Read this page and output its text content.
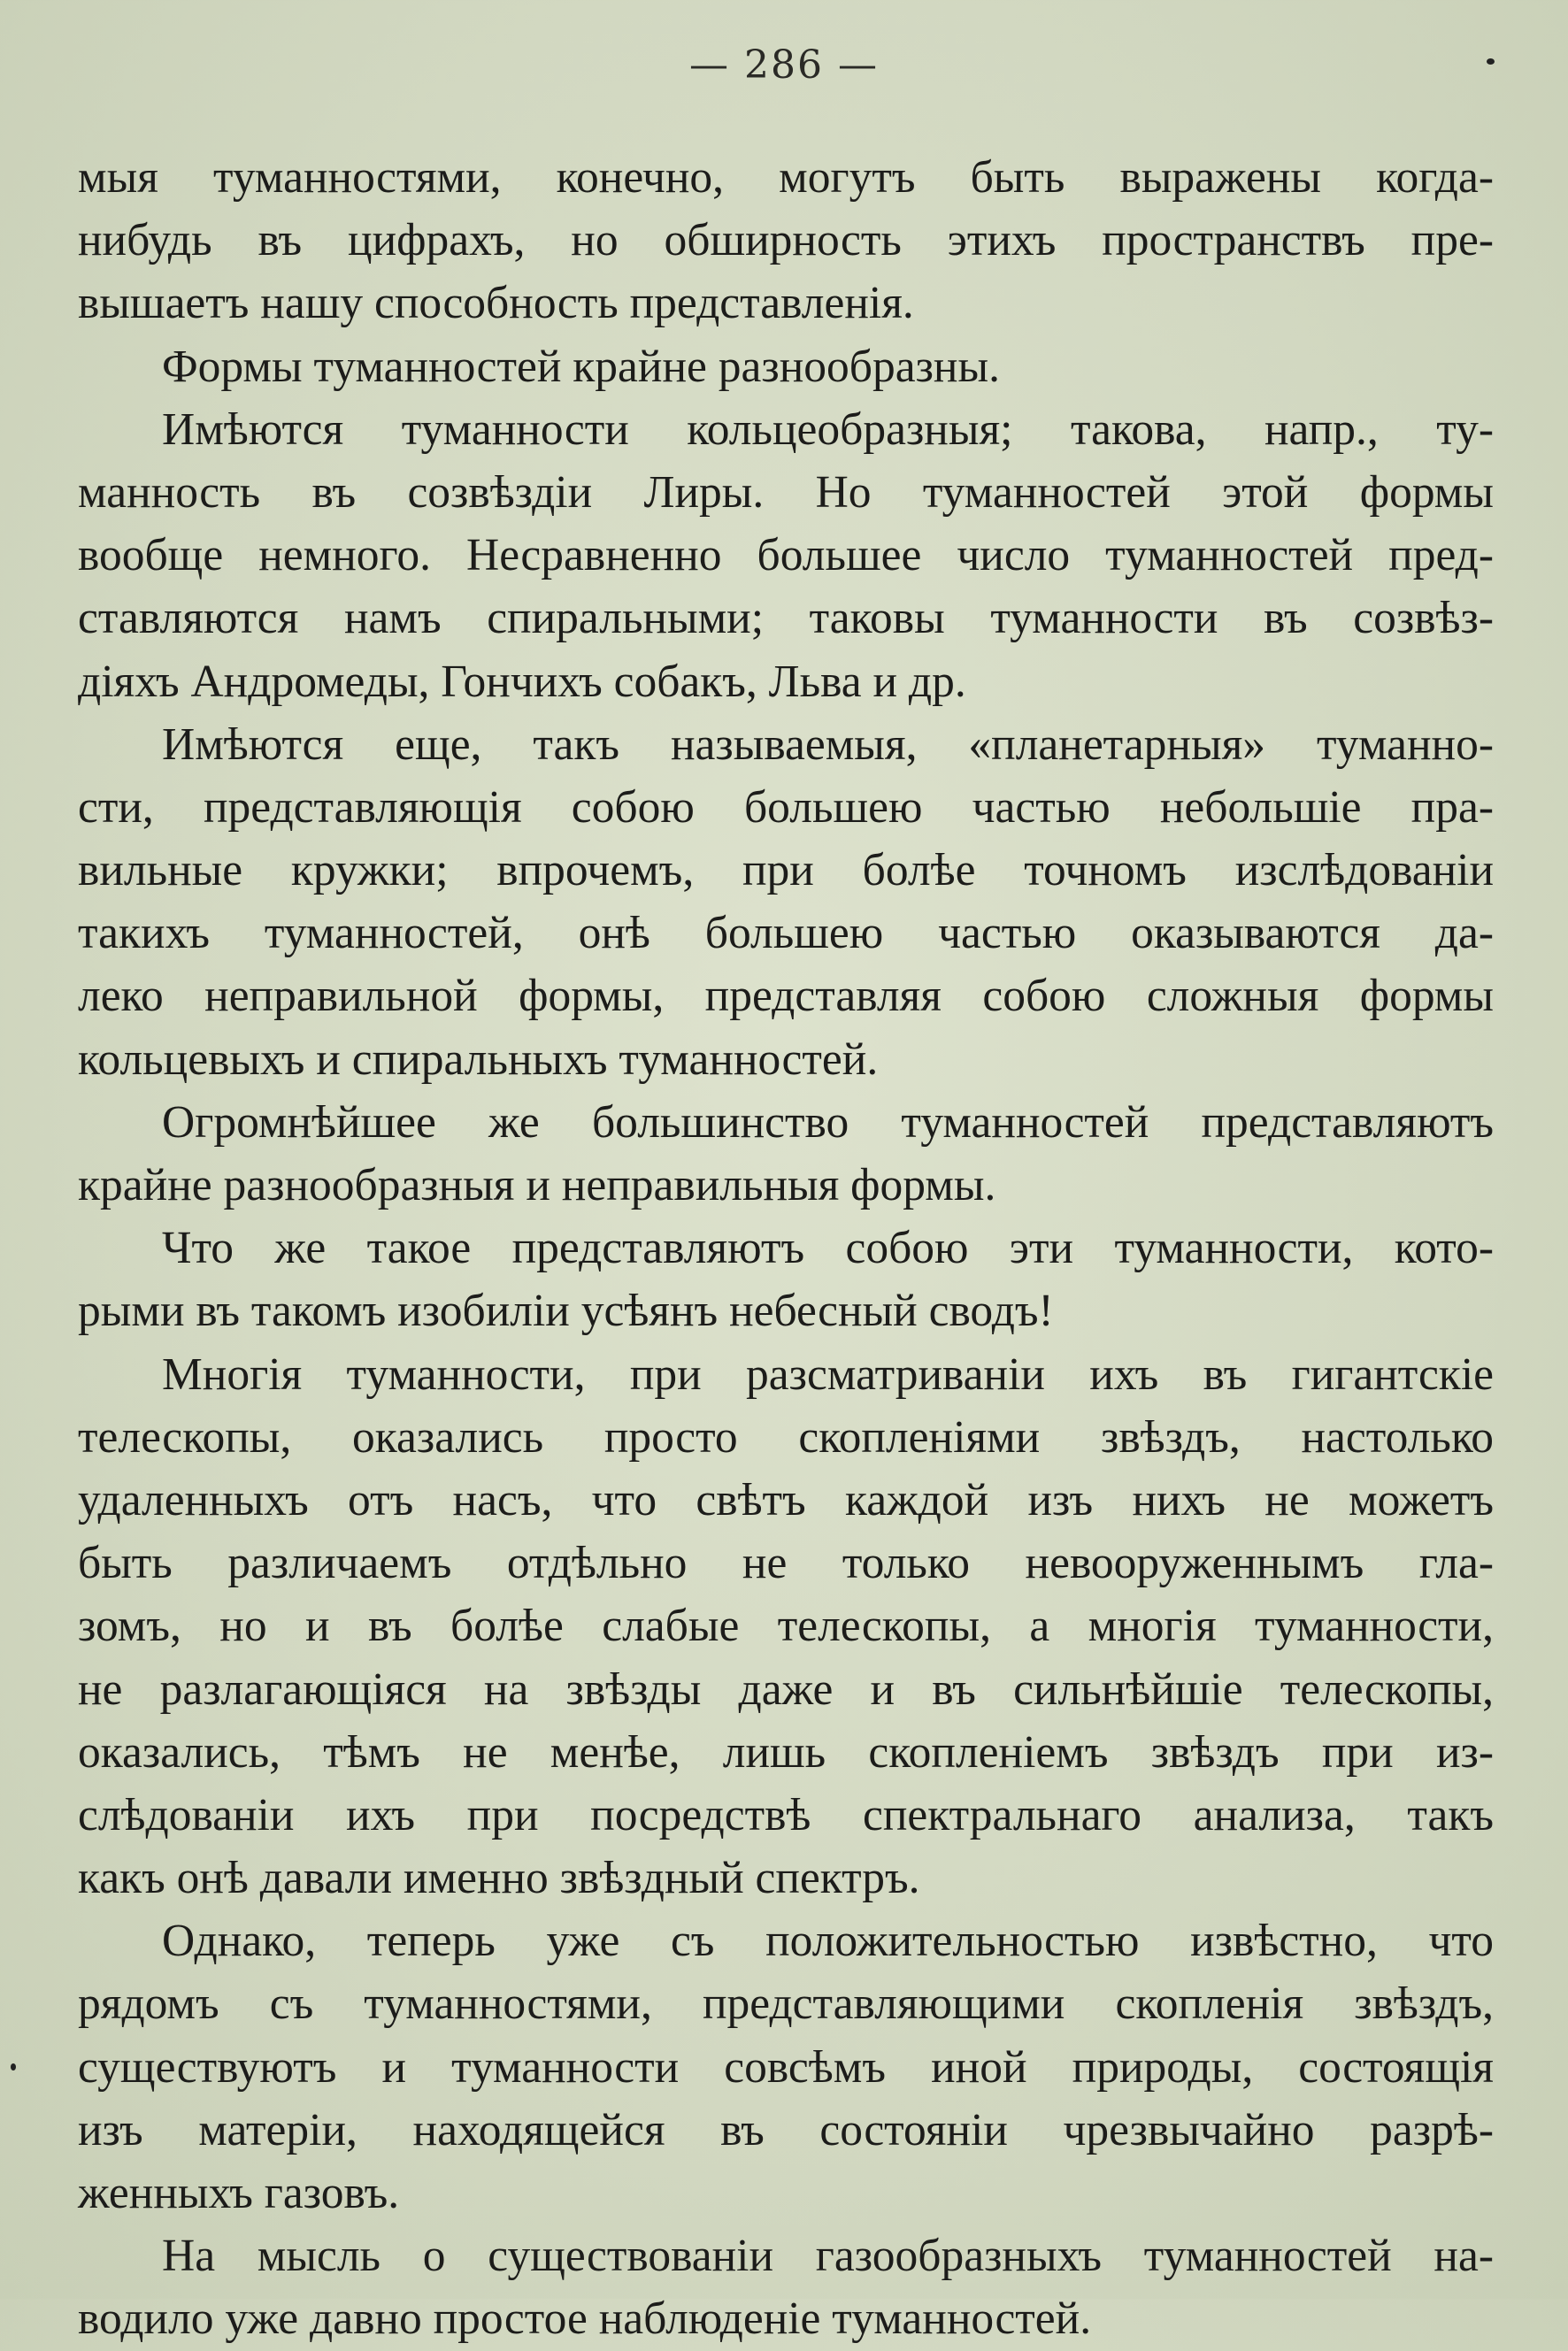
— 286 —
мыя туманностями, конечно, могутъ быть выражены когда-
нибудь въ цифрахъ, но обширность этихъ пространствъ пре-
вышаетъ нашу способность представленія.
Формы туманностей крайне разнообразны.
Имѣются туманности кольцеобразныя; такова, напр., ту-
манность въ созвѣздіи Лиры. Но туманностей этой формы
вообще немного. Несравненно большее число туманностей пред-
ставляются намъ спиральными; таковы туманности въ созвѣз-
діяхъ Андромеды, Гончихъ собакъ, Льва и др.
Имѣются еще, такъ называемыя, «планетарныя» туманно-
сти, представляющія собою большею частью небольшіе пра-
вильные кружки; впрочемъ, при болѣе точномъ изслѣдованіи
такихъ туманностей, онѣ большею частью оказываются да-
леко неправильной формы, представляя собою сложныя формы
кольцевыхъ и спиральныхъ туманностей.
Огромнѣйшее же большинство туманностей представляютъ
крайне разнообразныя и неправильныя формы.
Что же такое представляютъ собою эти туманности, кото-
рыми въ такомъ изобиліи усѣянъ небесный сводъ!
Многія туманности, при разсматриваніи ихъ въ гигантскіе
телескопы, оказались просто скопленіями звѣздъ, настолько
удаленныхъ отъ насъ, что свѣтъ каждой изъ нихъ не можетъ
быть различаемъ отдѣльно не только невооруженнымъ гла-
зомъ, но и въ болѣе слабые телескопы, а многія туманности,
не разлагающіяся на звѣзды даже и въ сильнѣйшіе телескопы,
оказались, тѣмъ не менѣе, лишь скопленіемъ звѣздъ при из-
слѣдованіи ихъ при посредствѣ спектральнаго анализа, такъ
какъ онѣ давали именно звѣздный спектръ.
Однако, теперь уже съ положительностью извѣстно, что
рядомъ съ туманностями, представляющими скопленія звѣздъ,
существуютъ и туманности совсѣмъ иной природы, состоящія
изъ матеріи, находящейся въ состояніи чрезвычайно разрѣ-
женныхъ газовъ.
На мысль о существованіи газообразныхъ туманностей на-
водило уже давно простое наблюденіе туманностей.
